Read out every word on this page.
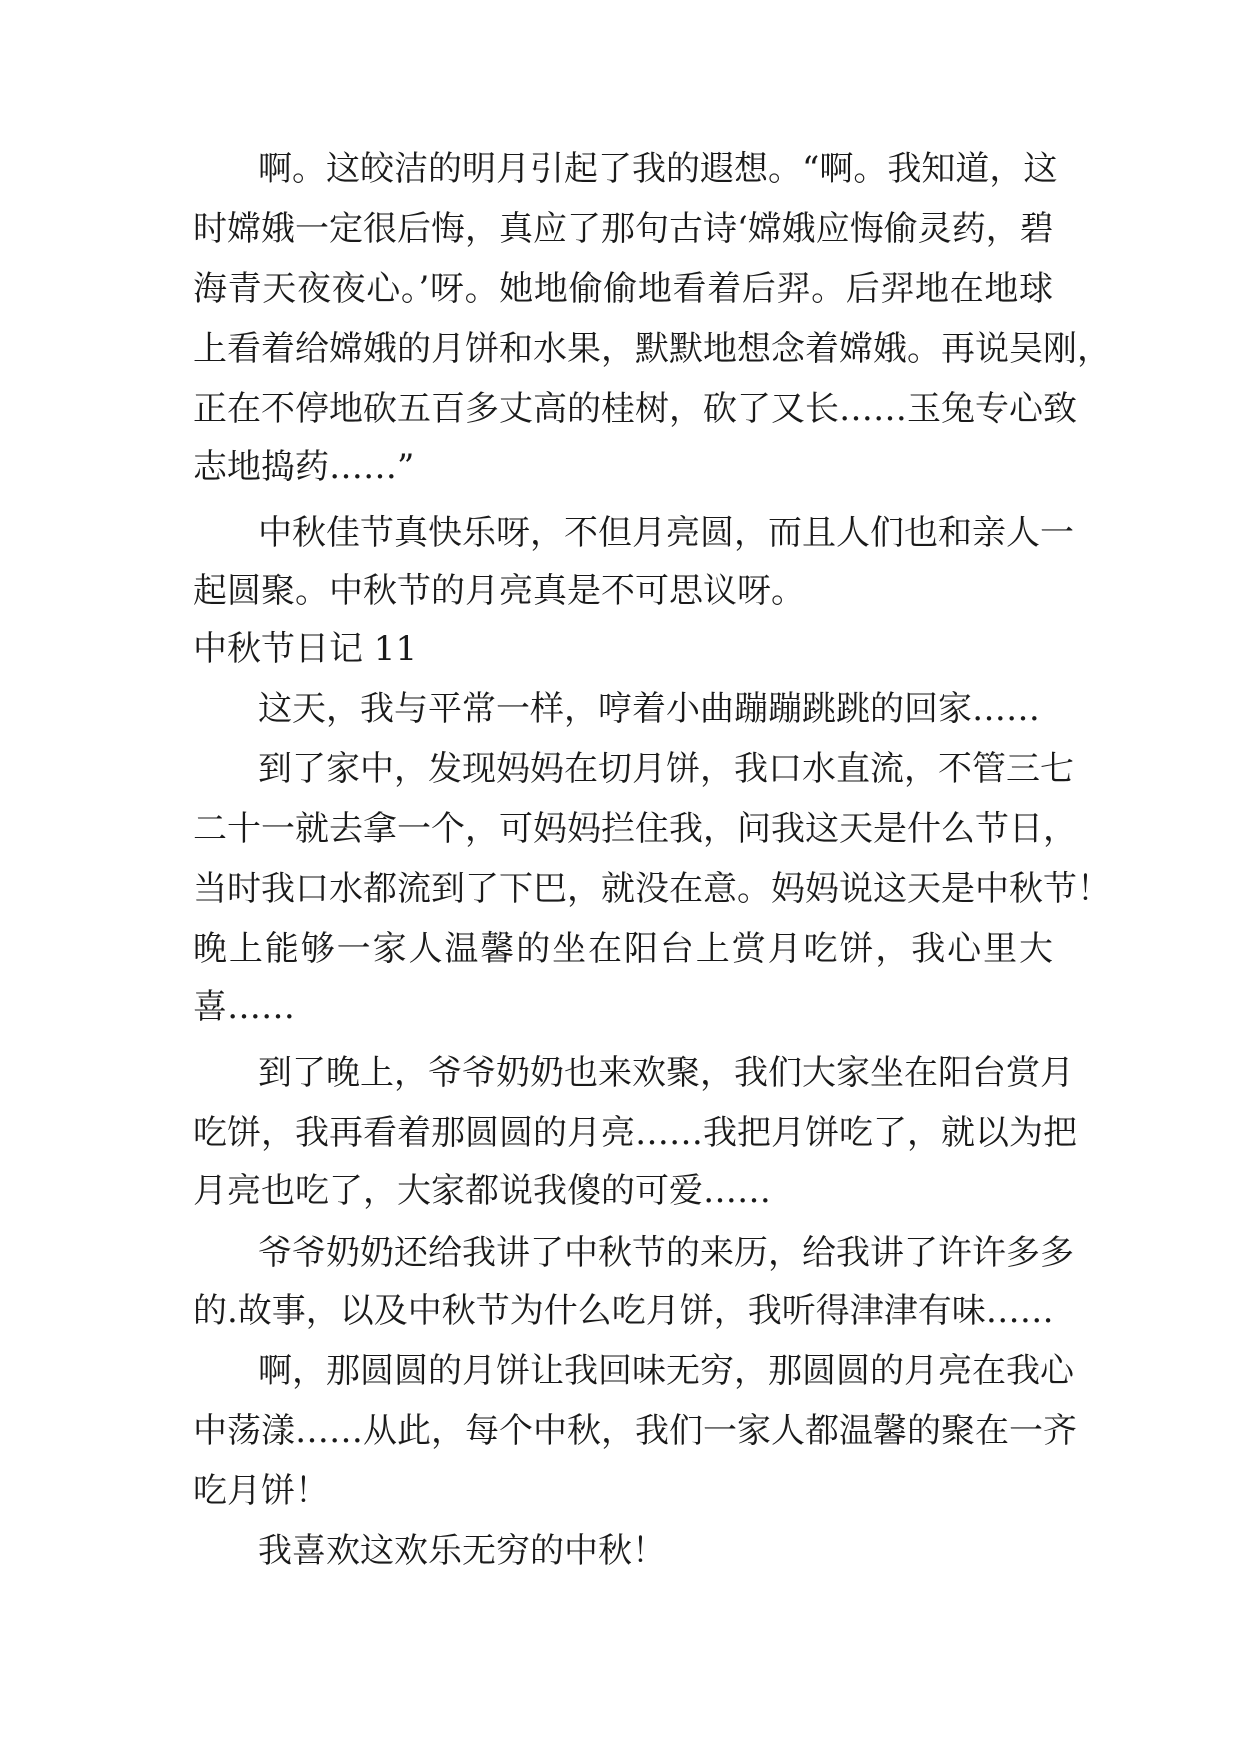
啊。这皎洁的明月引起了我的遐想。“啊。我知道，这
时嫦娥一定很后悔，真应了那句古诗‘嫦娥应悔偷灵药，碧
海青天夜夜心。’呀。她地偷偷地看着后羿。后羿地在地球
上看着给嫦娥的月饼和水果，默默地想念着嫦娥。再说吴刚，
正在不停地砍五百多丈高的桂树，砍了又长……玉兔专心致
志地捣药……”
中秋佳节真快乐呀，不但月亮圆，而且人们也和亲人一
起圆聚。中秋节的月亮真是不可思议呀。
中秋节日记 11
这天，我与平常一样，哼着小曲蹦蹦跳跳的回家……
到了家中，发现妈妈在切月饼，我口水直流，不管三七
二十一就去拿一个，可妈妈拦住我，问我这天是什么节日，
当时我口水都流到了下巴，就没在意。妈妈说这天是中秋节！
晚上能够一家人温馨的坐在阳台上赏月吃饼，我心里大
喜……
到了晚上，爷爷奶奶也来欢聚，我们大家坐在阳台赏月
吃饼，我再看着那圆圆的月亮……我把月饼吃了，就以为把
月亮也吃了，大家都说我傻的可爱……
爷爷奶奶还给我讲了中秋节的来历，给我讲了许许多多
的.故事，以及中秋节为什么吃月饼，我听得津津有味……
啊，那圆圆的月饼让我回味无穷，那圆圆的月亮在我心
中荡漾……从此，每个中秋，我们一家人都温馨的聚在一齐
吃月饼！
我喜欢这欢乐无穷的中秋！
